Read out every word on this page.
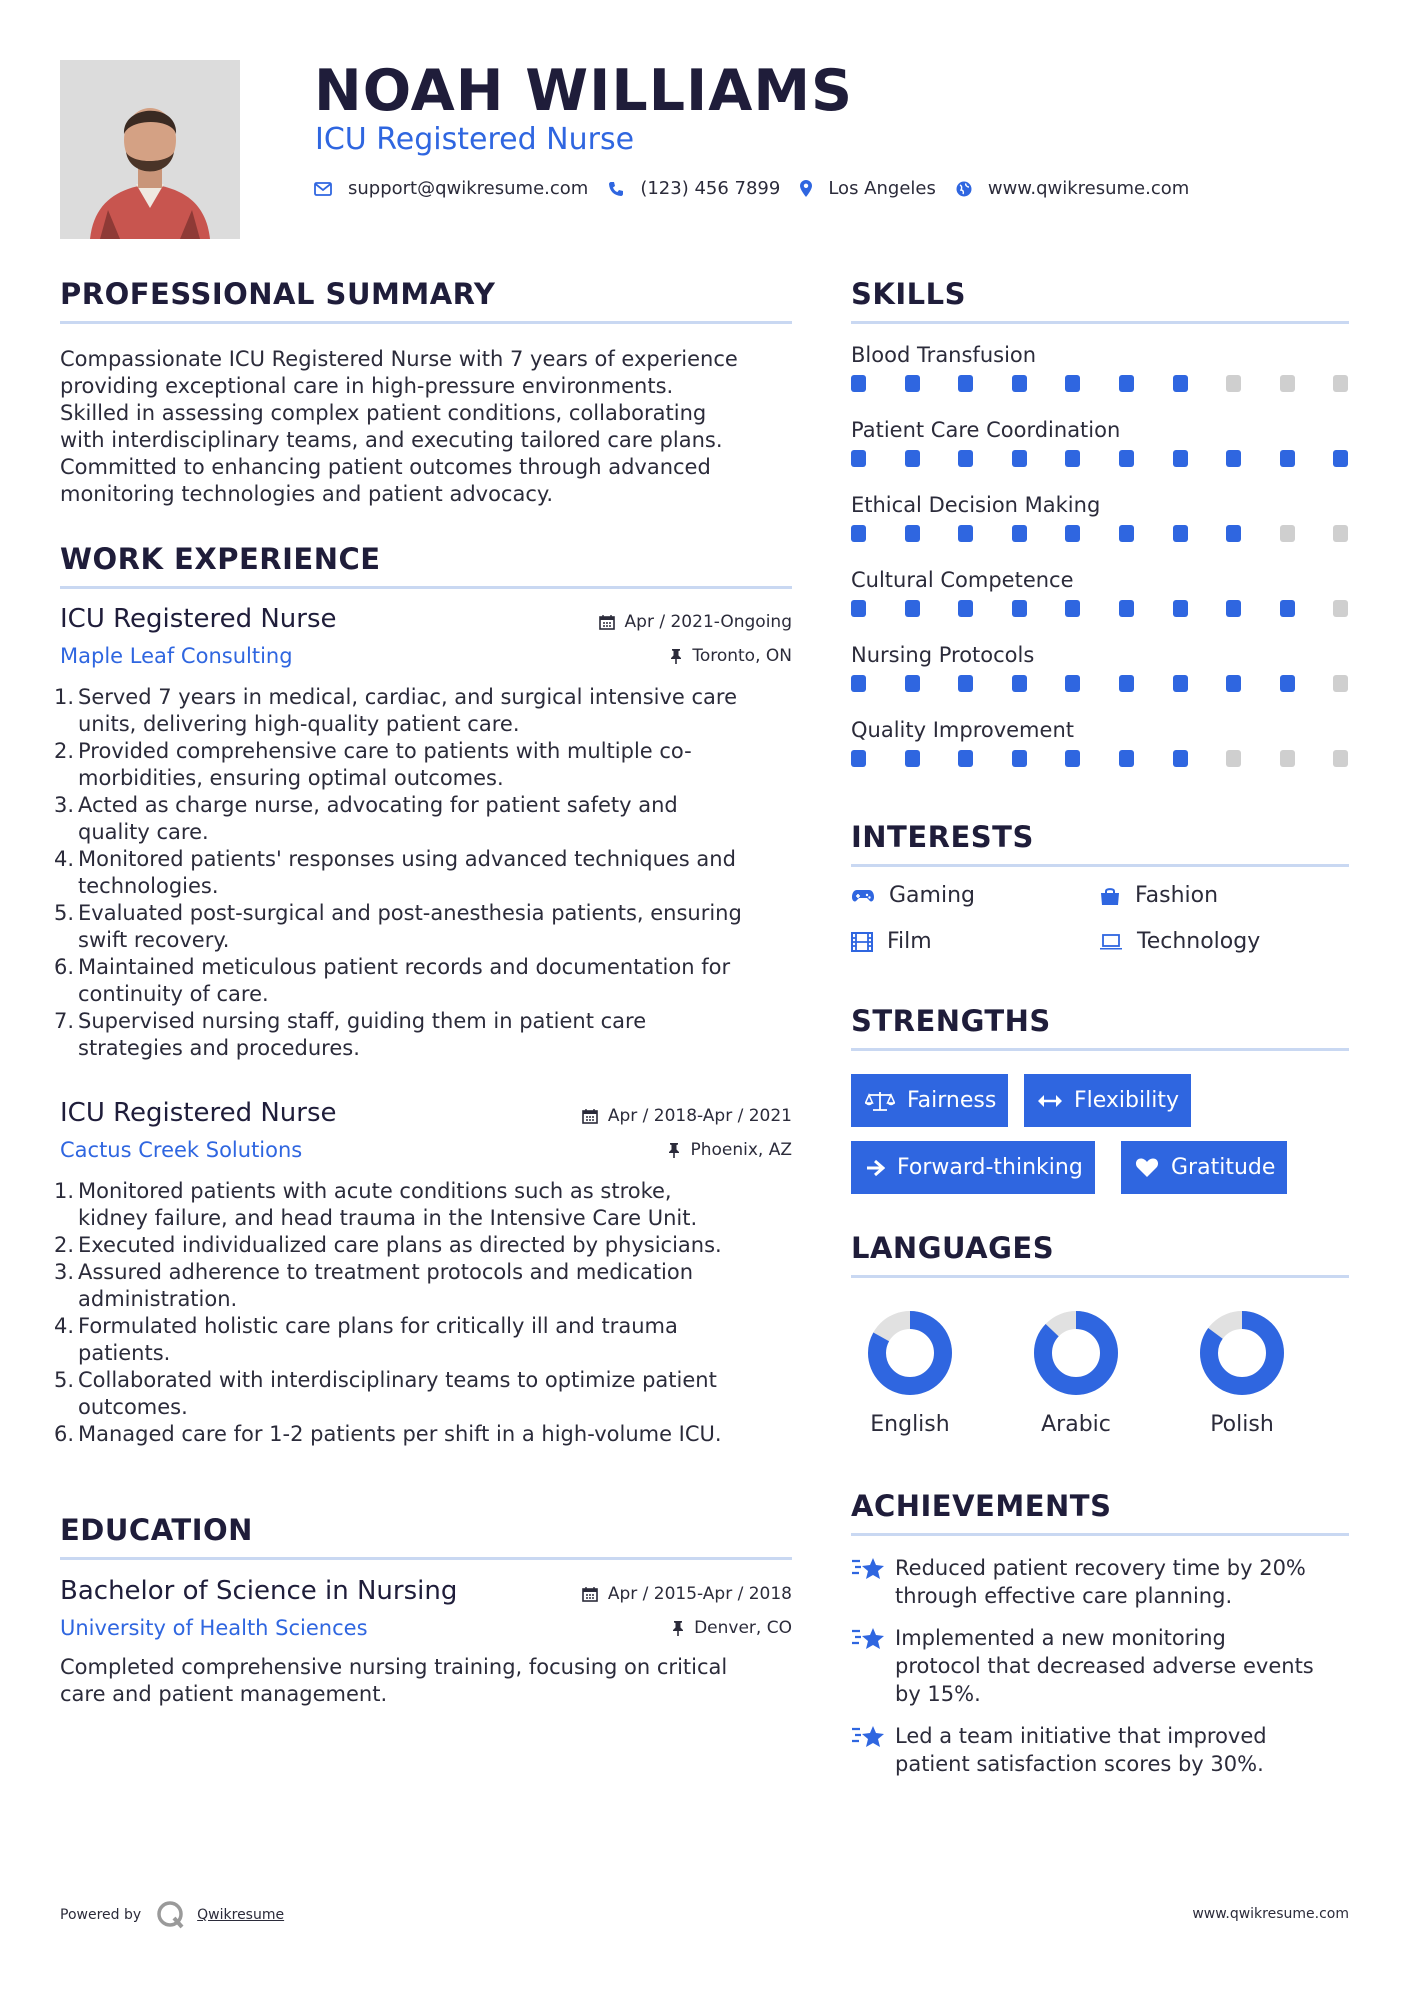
NOAH WILLIAMS
ICU Registered Nurse
support@qwikresume.com	(123) 456 7899	Los Angeles	www.qwikresume.com
PROFESSIONAL SUMMARY
Compassionate ICU Registered Nurse with 7 years of experience
providing exceptional care in high-pressure environments.
Skilled in assessing complex patient conditions, collaborating
with interdisciplinary teams, and executing tailored care plans.
Committed to enhancing patient outcomes through advanced
monitoring technologies and patient advocacy.
WORK EXPERIENCE
ICU Registered Nurse	Apr / 2021-Ongoing
Maple Leaf Consulting	Toronto, ON
1. Served 7 years in medical, cardiac, and surgical intensive care
units, delivering high-quality patient care.
2. Provided comprehensive care to patients with multiple co-
morbidities, ensuring optimal outcomes.
3. Acted as charge nurse, advocating for patient safety and
quality care.
4. Monitored patients' responses using advanced techniques and
technologies.
5. Evaluated post-surgical and post-anesthesia patients, ensuring
swift recovery.
6. Maintained meticulous patient records and documentation for
continuity of care.
7. Supervised nursing staff, guiding them in patient care
strategies and procedures.
ICU Registered Nurse	Apr / 2018-Apr / 2021
Cactus Creek Solutions	Phoenix, AZ
1. Monitored patients with acute conditions such as stroke,
kidney failure, and head trauma in the Intensive Care Unit.
2. Executed individualized care plans as directed by physicians.
3. Assured adherence to treatment protocols and medication
administration.
4. Formulated holistic care plans for critically ill and trauma
patients.
5. Collaborated with interdisciplinary teams to optimize patient
outcomes.
6. Managed care for 1-2 patients per shift in a high-volume ICU.
EDUCATION
Bachelor of Science in Nursing	Apr / 2015-Apr / 2018
University of Health Sciences	Denver, CO
Completed comprehensive nursing training, focusing on critical
care and patient management.
SKILLS
Blood Transfusion
Patient Care Coordination
Ethical Decision Making
Cultural Competence
Nursing Protocols
Quality Improvement
INTERESTS
Gaming	Fashion
Film	Technology
STRENGTHS
Fairness	Flexibility
Forward-thinking	Gratitude
LANGUAGES
English	Arabic	Polish
ACHIEVEMENTS
Reduced patient recovery time by 20%
through effective care planning.
Implemented a new monitoring
protocol that decreased adverse events
by 15%.
Led a team initiative that improved
patient satisfaction scores by 30%.
Powered by	Qwikresume	www.qwikresume.com
